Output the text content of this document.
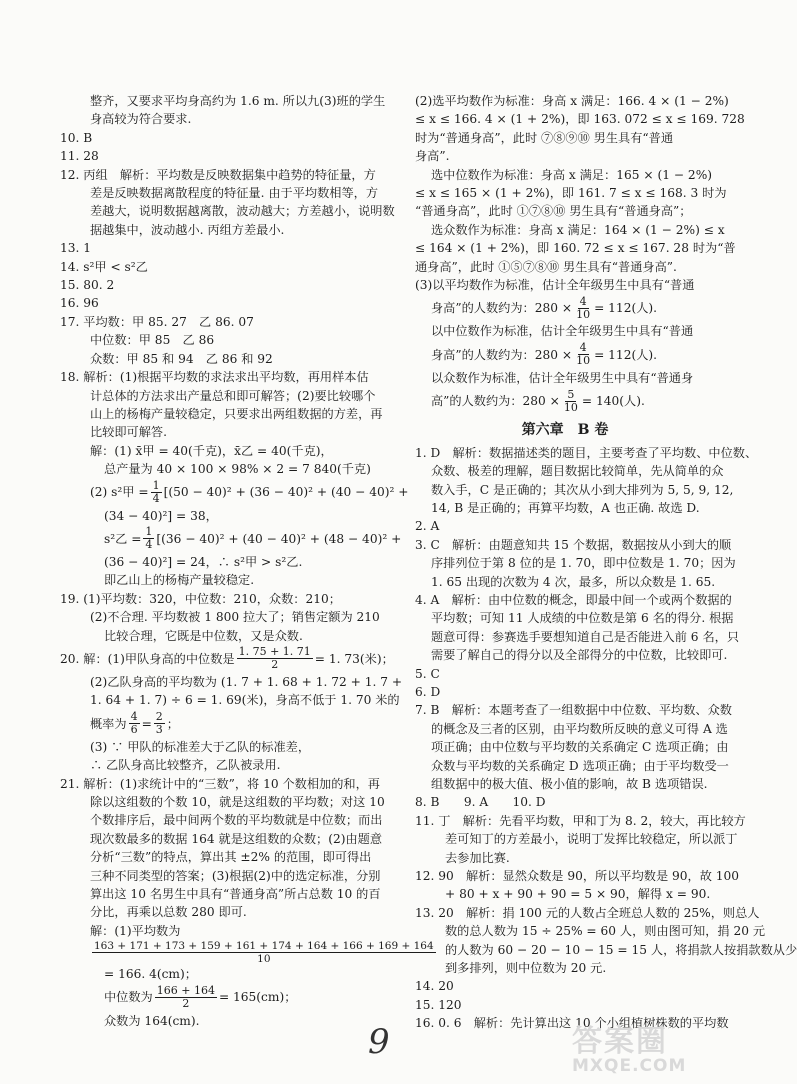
整齐，又要求平均身高约为 1.6 m. 所以九(3)班的学生
身高较为符合要求.
10. B
11. 28
12. 丙组　解析：平均数是反映数据集中趋势的特征量，方
差是反映数据离散程度的特征量. 由于平均数相等，方
差越大，说明数据越离散，波动越大；方差越小，说明数
据越集中，波动越小. 丙组方差最小.
13. 1
14. s²甲 < s²乙
15. 80. 2
16. 96
17. 平均数：甲 85. 27　乙 86. 07
中位数：甲 85　乙 86
众数：甲 85 和 94　乙 86 和 92
18. 解析：(1)根据平均数的求法求出平均数，再用样本估
计总体的方法求出产量总和即可解答；(2)要比较哪个
山上的杨梅产量较稳定，只要求出两组数据的方差，再
比较即可解答.
解：(1) x̄甲 = 40(千克)，x̄乙 = 40(千克)，
总产量为 40 × 100 × 98% × 2 = 7 840(千克)
(2) s²甲 = $\frac{1}{4} [(50 - 40)^2 + (36 - 40)^2 + (40 - 40)^2$ +
(34 − 40)²] = 38，
s²乙 = $\frac{1}{4} [(36 - 40)^2 + (40 - 40)^2 + (48 - 40)^2$ +
(36 − 40)²] = 24，∴ s²甲 > s²乙.
即乙山上的杨梅产量较稳定.
19. (1)平均数：320，中位数：210，众数：210；
(2)不合理. 平均数被 1 800 拉大了；销售定额为 210
比较合理，它既是中位数，又是众数.
20. 解：(1)甲队身高的中位数是 $\frac{1. 75 + 1. 71}{2} = 1$. 73(米)；
(2)乙队身高的平均数为 (1. 7 + 1. 68 + 1. 72 + 1. 7 +
1. 64 + 1. 7) ÷ 6 = 1. 69(米)，身高不低于 1. 70 米的
概率为 $\frac{4}{6} = \frac{2}{3}$ ；
(3) ∵ 甲队的标准差大于乙队的标准差，
∴ 乙队身高比较整齐，乙队被录用.
21. 解析：(1)求统计中的“三数”，将 10 个数相加的和，再
除以这组数的个数 10，就是这组数的平均数；对这 10
个数排序后，最中间两个数的平均数就是中位数；而出
现次数最多的数据 164 就是这组数的众数；(2)由题意
分析“三数”的特点，算出其 ±2% 的范围，即可得出
三种不同类型的答案；(3)根据(2)中的选定标准，分别
算出这 10 名男生中具有“普通身高”所占总数 10 的百
分比，再乘以总数 280 即可.
解：(1)平均数为
$\frac{163 + 171 + 173 + 159 + 161 + 174 + 164 + 166 + 169 + 164}{10}$
= 166. 4(cm)；
中位数为 $\frac{166 + 164}{2} = 165(cm)$；
众数为 164(cm).
(2)选平均数作为标准：身高 x 满足：166. 4 × (1 − 2%)
≤ x ≤ 166. 4 × (1 + 2%)，即 163. 072 ≤ x ≤ 169. 728
时为“普通身高”，此时 ⑦⑧⑨⑩ 男生具有“普通
身高”.
选中位数作为标准：身高 x 满足：165 × (1 − 2%)
≤ x ≤ 165 × (1 + 2%)，即 161. 7 ≤ x ≤ 168. 3 时为
“普通身高”，此时 ①⑦⑧⑩ 男生具有“普通身高”；
选众数作为标准：身高 x 满足：164 × (1 − 2%) ≤ x
≤ 164 × (1 + 2%)，即 160. 72 ≤ x ≤ 167. 28 时为“普
通身高”，此时 ①⑤⑦⑧⑩ 男生具有“普通身高”.
(3)以平均数作为标准，估计全年级男生中具有“普通
身高”的人数约为：$280 \times \frac{4}{10} = 112$(人).
以中位数作为标准，估计全年级男生中具有“普通
身高”的人数约为：$280 \times \frac{4}{10} = 112$(人).
以众数作为标准，估计全年级男生中具有“普通身
高”的人数约为：$280 \times \frac{5}{10} = 140$(人).
第六章　B 卷
1. D　解析：数据描述类的题目，主要考查了平均数、中位数、
众数、极差的理解，题目数据比较简单，先从简单的众
数入手，C 是正确的；其次从小到大排列为 5, 5, 9, 12,
14, B 是正确的；再算平均数，A 也正确. 故选 D.
2. A
3. C　解析：由题意知共 15 个数据，数据按从小到大的顺
序排列位于第 8 位的是 1. 70，即中位数是 1. 70；因为
1. 65 出现的次数为 4 次，最多，所以众数是 1. 65.
4. A　解析：由中位数的概念，即最中间一个或两个数据的
平均数；可知 11 人成绩的中位数是第 6 名的得分. 根据
题意可得：参赛选手要想知道自己是否能进入前 6 名，只
需要了解自己的得分以及全部得分的中位数，比较即可.
5. C
6. D
7. B　解析：本题考查了一组数据中中位数、平均数、众数
的概念及三者的区别，由平均数所反映的意义可得 A 选
项正确；由中位数与平均数的关系确定 C 选项正确；由
众数与平均数的关系确定 D 选项正确；由于平均数受一
组数据中的极大值、极小值的影响，故 B 选项错误.
8. B　　9. A　　10. D
11. 丁　解析：先看平均数，甲和丁为 8. 2，较大，再比较方
差可知丁的方差最小，说明丁发挥比较稳定，所以派丁
去参加比赛.
12. 90　解析：显然众数是 90，所以平均数是 90，故 100
+ 80 + x + 90 + 90 = 5 × 90，解得 x = 90.
13. 20　解析：捐 100 元的人数占全班总人数的 25%，则总人
数的总人数为 15 ÷ 25% = 60 人，则由图可知，捐 20 元
的人数为 60 − 20 − 10 − 15 = 15 人，将捐款人按捐款数从少
到多排列，则中位数为 20 元.
14. 20
15. 120
16. 0. 6　解析：先计算出这 10 个小组植树株数的平均数
9	答案圈
MXQE.COM
